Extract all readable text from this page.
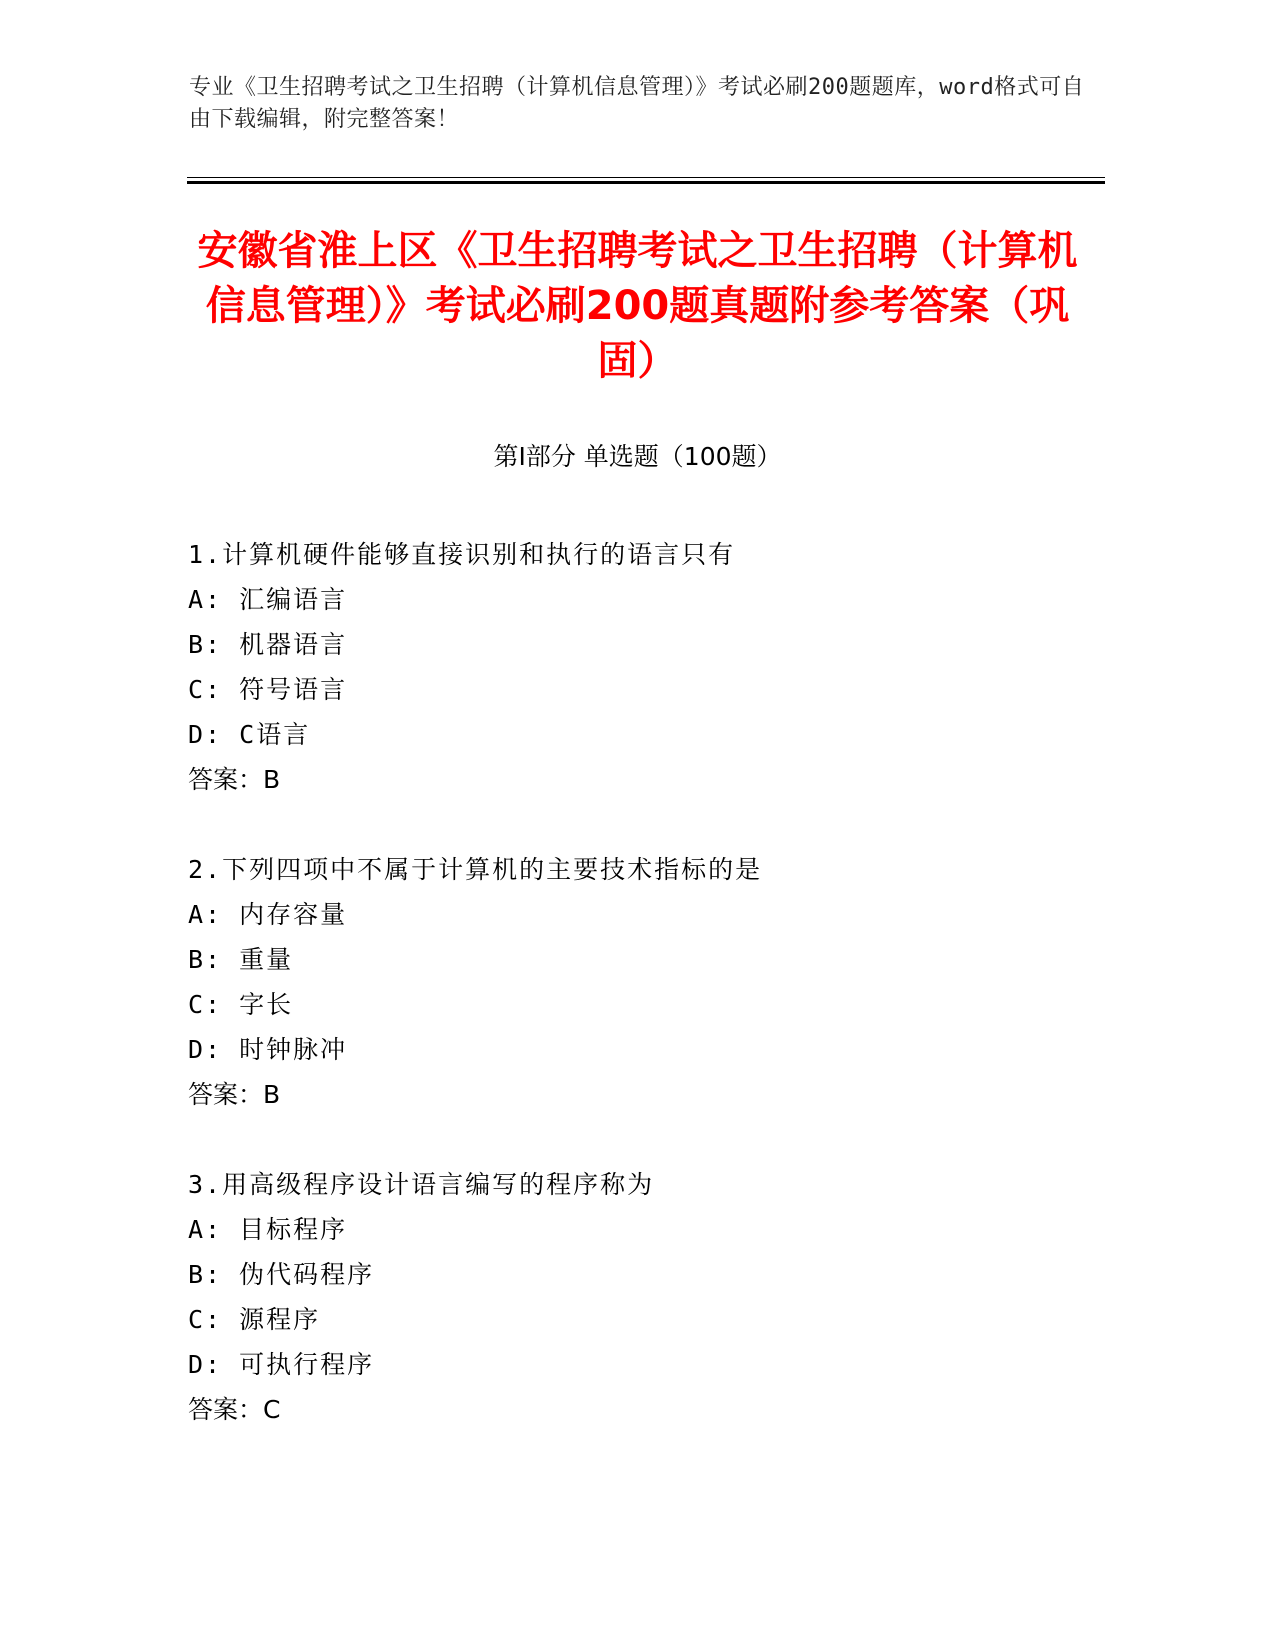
专业《卫生招聘考试之卫生招聘（计算机信息管理）》考试必刷200题题库，word格式可自由下载编辑，附完整答案！
安徽省淮上区《卫生招聘考试之卫生招聘（计算机信息管理）》考试必刷200题真题附参考答案（巩固）
第Ⅰ部分 单选题（100题）
1.计算机硬件能够直接识别和执行的语言只有
A: 汇编语言
B: 机器语言
C: 符号语言
D: C语言
答案：B
2.下列四项中不属于计算机的主要技术指标的是
A: 内存容量
B: 重量
C: 字长
D: 时钟脉冲
答案：B
3.用高级程序设计语言编写的程序称为
A: 目标程序
B: 伪代码程序
C: 源程序
D: 可执行程序
答案：C
